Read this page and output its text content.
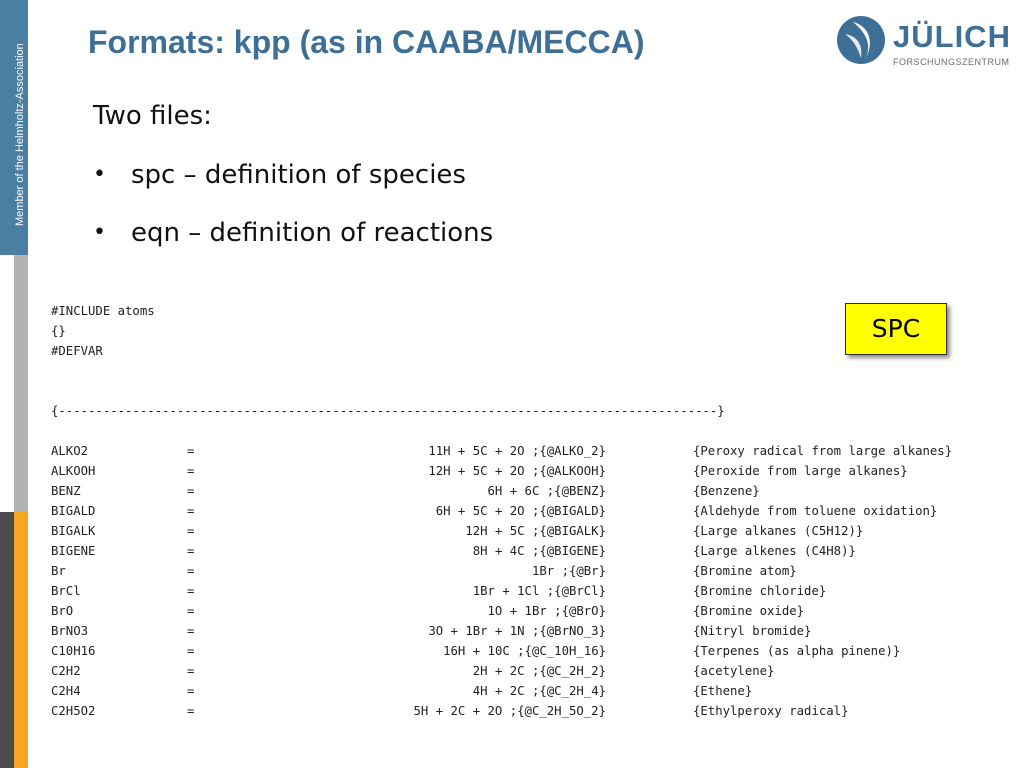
Member of the Helmholtz-Association
Formats: kpp (as in CAABA/MECCA)	JÜLICH
FORSCHUNGSZENTRUM
Two files:
• spc – definition of species
• eqn – definition of reactions
SPC
#INCLUDE atoms
{}
#DEFVAR
{-----------------------------------------------------------------------------------------}
ALKO2	=	11H + 5C + 2O ;{@ALKO_2}	{Peroxy radical from large alkanes}
ALKOOH	=	12H + 5C + 2O ;{@ALKOOH}	{Peroxide from large alkanes}
BENZ	=	6H + 6C ;{@BENZ}	{Benzene}
BIGALD	=	6H + 5C + 2O ;{@BIGALD}	{Aldehyde from toluene oxidation}
BIGALK	=	12H + 5C ;{@BIGALK}	{Large alkanes (C5H12)}
BIGENE	=	8H + 4C ;{@BIGENE}	{Large alkenes (C4H8)}
Br	=	1Br ;{@Br}	{Bromine atom}
BrCl	=	1Br + 1Cl ;{@BrCl}	{Bromine chloride}
BrO	=	1O + 1Br ;{@BrO}	{Bromine oxide}
BrNO3	=	3O + 1Br + 1N ;{@BrNO_3}	{Nitryl bromide}
C10H16	=	16H + 10C ;{@C_10H_16}	{Terpenes (as alpha pinene)}
C2H2	=	2H + 2C ;{@C_2H_2}	{acetylene}
C2H4	=	4H + 2C ;{@C_2H_4}	{Ethene}
C2H5O2	=	5H + 2C + 2O ;{@C_2H_5O_2}	{Ethylperoxy radical}
